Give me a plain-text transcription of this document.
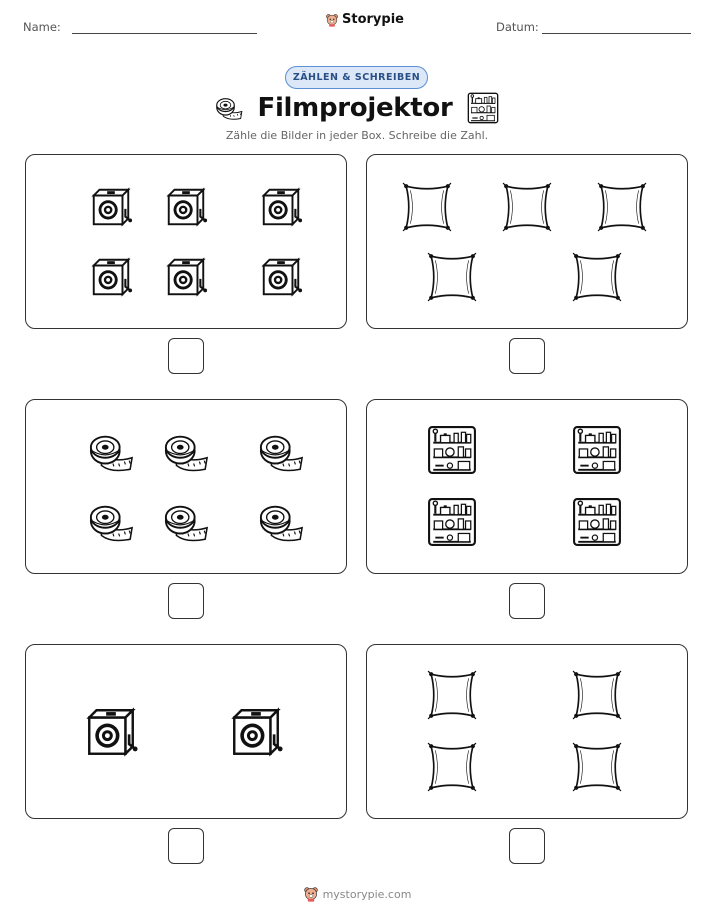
Name:	Storypie	Datum:
ZÄHLEN & SCHREIBEN
Filmprojektor
Zähle die Bilder in jeder Box. Schreibe die Zahl.
mystorypie.com
